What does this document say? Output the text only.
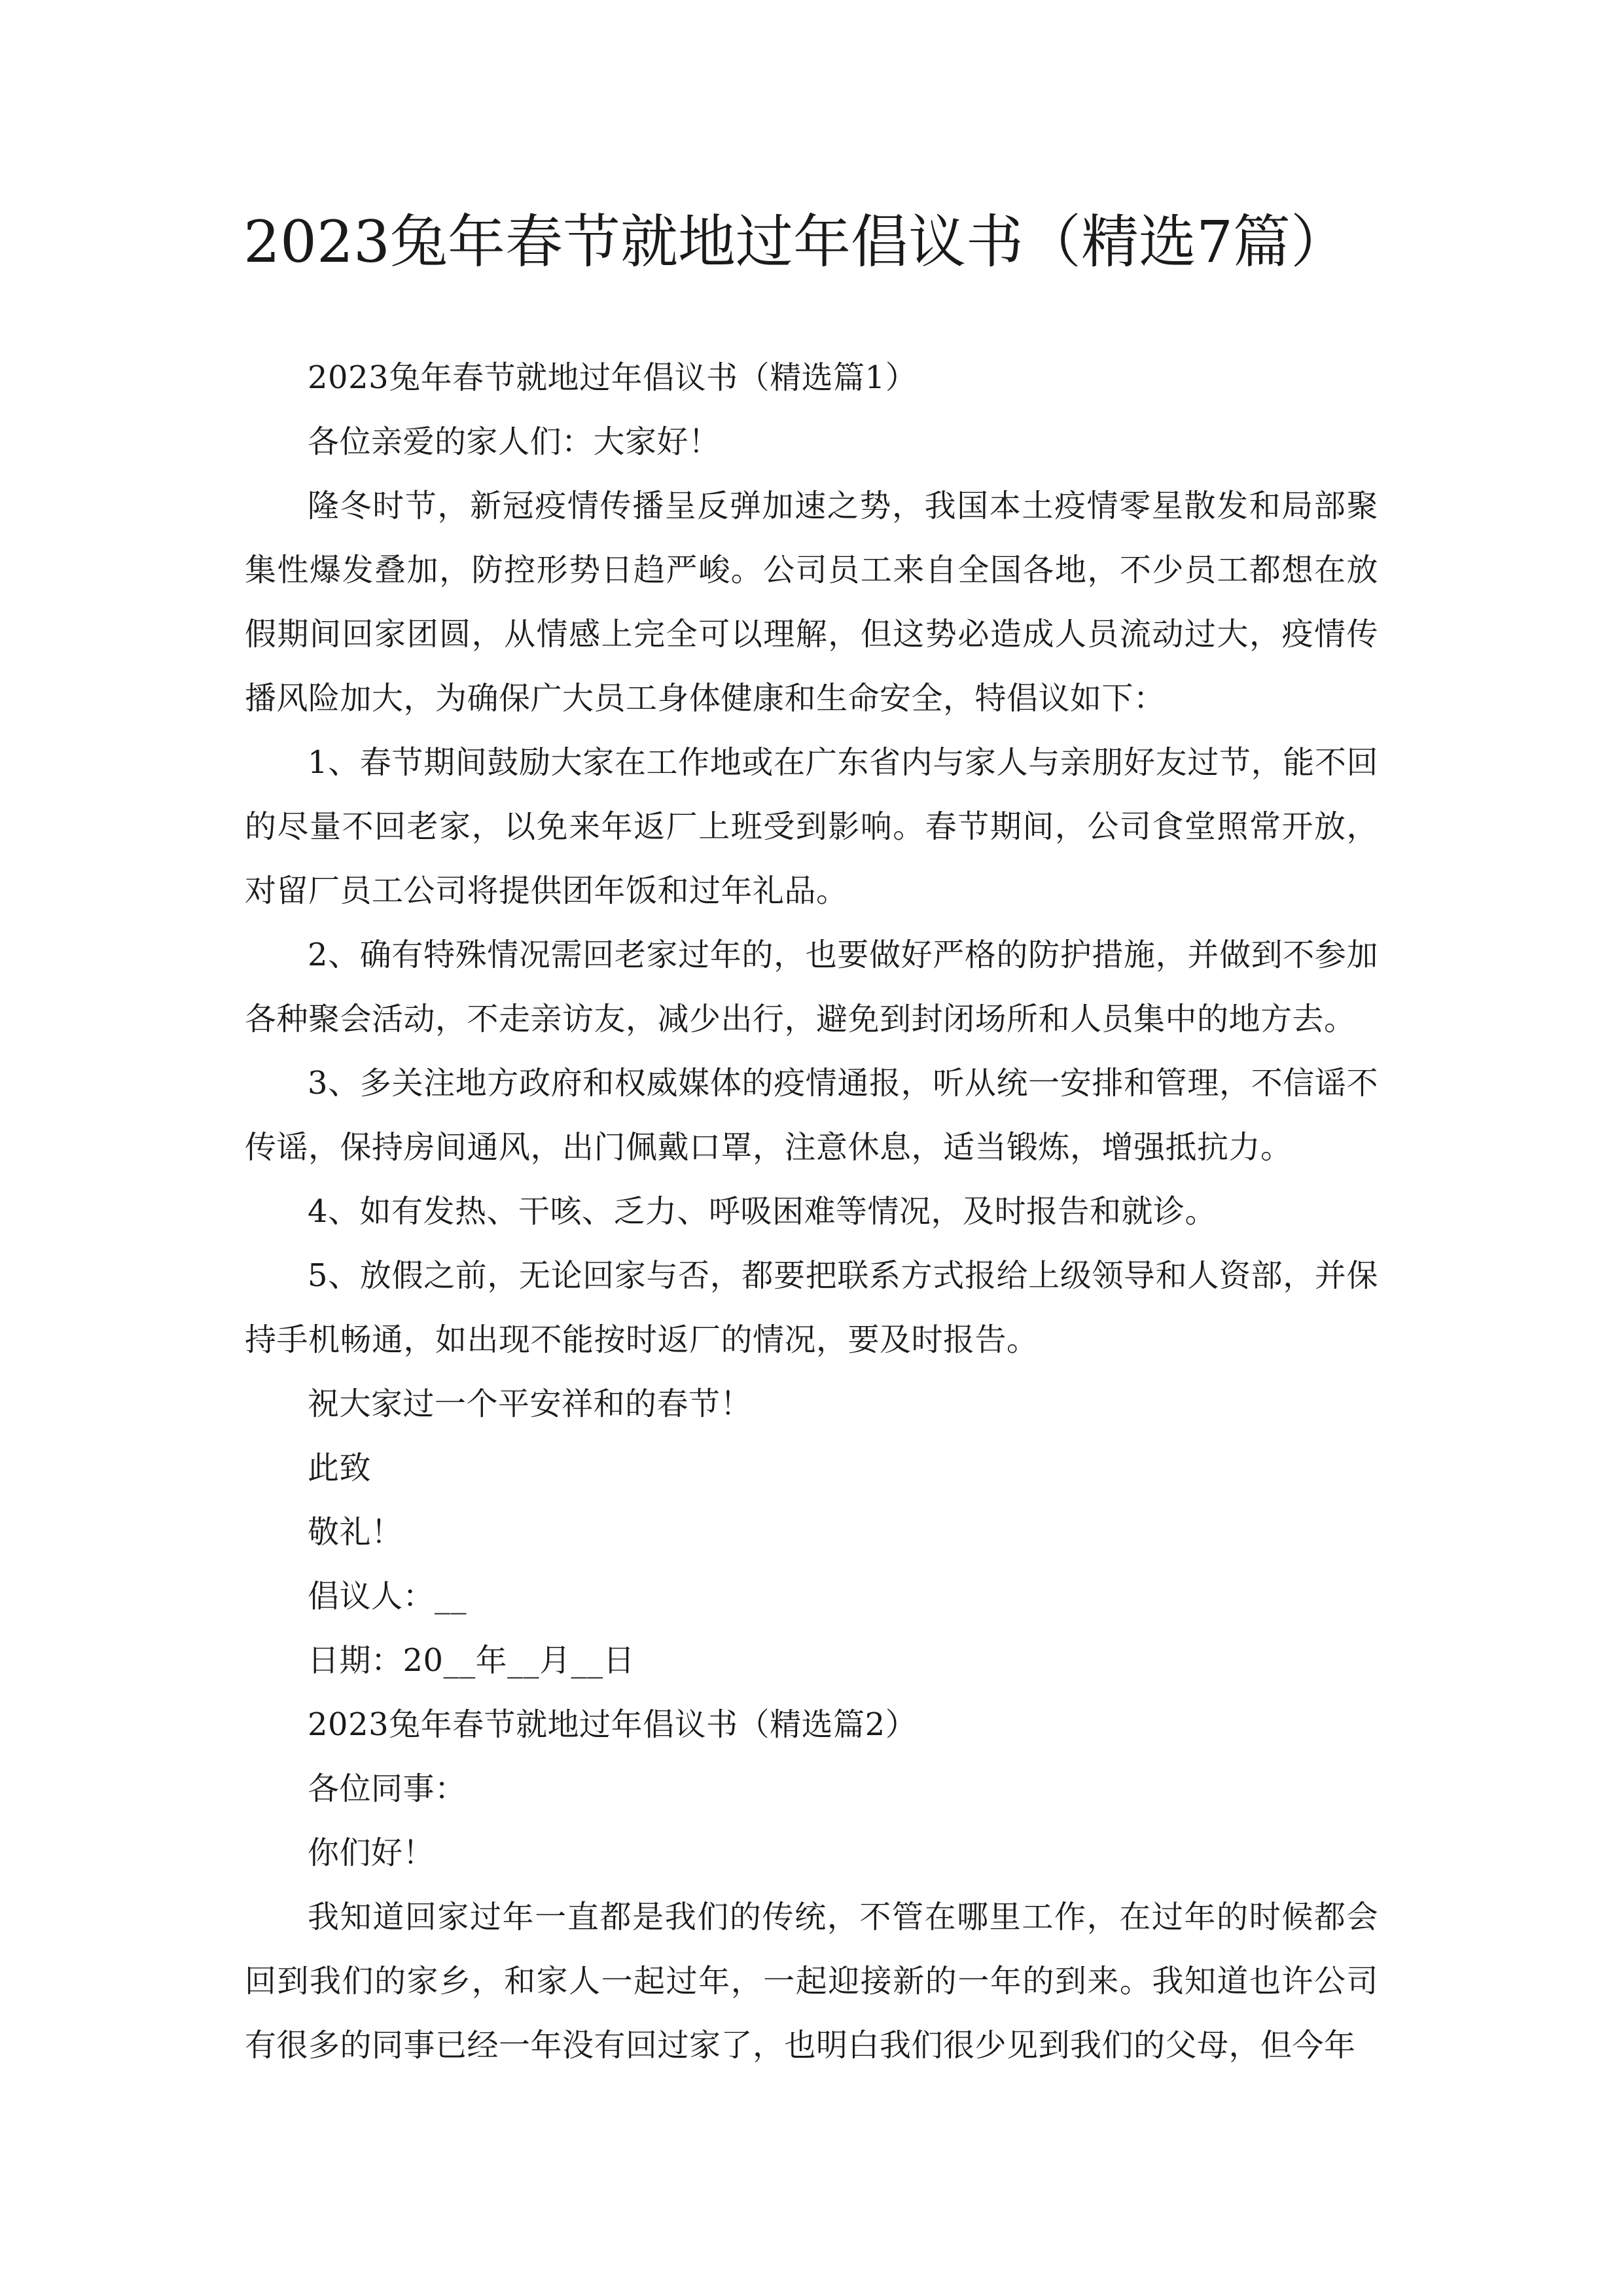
2023兔年春节就地过年倡议书（精选7篇）

2023兔年春节就地过年倡议书（精选篇1）

各位亲爱的家人们：大家好！

隆冬时节，新冠疫情传播呈反弹加速之势，我国本土疫情零星散发和局部聚集性爆发叠加，防控形势日趋严峻。公司员工来自全国各地，不少员工都想在放假期间回家团圆，从情感上完全可以理解，但这势必造成人员流动过大，疫情传播风险加大，为确保广大员工身体健康和生命安全，特倡议如下：

1、春节期间鼓励大家在工作地或在广东省内与家人与亲朋好友过节，能不回的尽量不回老家，以免来年返厂上班受到影响。春节期间，公司食堂照常开放，对留厂员工公司将提供团年饭和过年礼品。

2、确有特殊情况需回老家过年的，也要做好严格的防护措施，并做到不参加各种聚会活动，不走亲访友，减少出行，避免到封闭场所和人员集中的地方去。

3、多关注地方政府和权威媒体的疫情通报，听从统一安排和管理，不信谣不传谣，保持房间通风，出门佩戴口罩，注意休息，适当锻炼，增强抵抗力。

4、如有发热、干咳、乏力、呼吸困难等情况，及时报告和就诊。

5、放假之前，无论回家与否，都要把联系方式报给上级领导和人资部，并保持手机畅通，如出现不能按时返厂的情况，要及时报告。

祝大家过一个平安祥和的春节！

此致

敬礼！

倡议人：__

日期：20__年__月__日

2023兔年春节就地过年倡议书（精选篇2）

各位同事：

你们好！

我知道回家过年一直都是我们的传统，不管在哪里工作，在过年的时候都会回到我们的家乡，和家人一起过年，一起迎接新的一年的到来。我知道也许公司有很多的同事已经一年没有回过家了，也明白我们很少见到我们的父母，但今年
